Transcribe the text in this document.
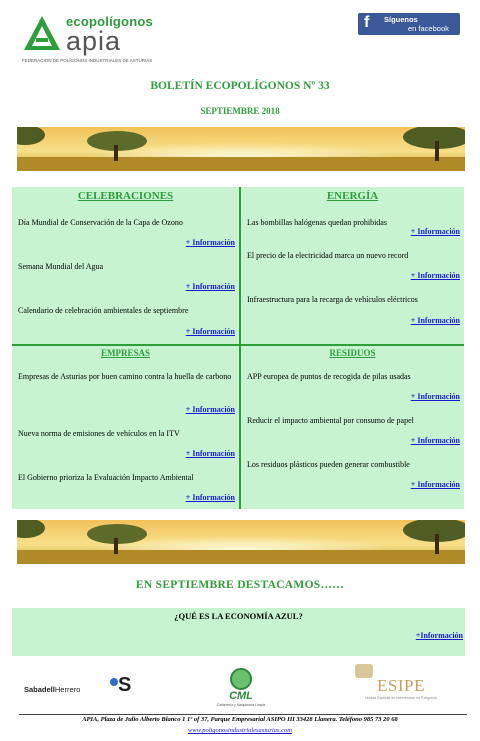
ecopolígonos
apia
FEDERACIÓN DE POLÍGONOS INDUSTRIALES DE ASTURIAS
f	Síguenos
en facebook
BOLETÍN ECOPOLÍGONOS Nº 33
SEPTIEMBRE 2018
CELEBRACIONES
Día Mundial de Conservación de la Capa de Ozono
+ Información
Semana Mundial del Agua
+ Información
Calendario de celebración ambientales de septiembre
+ Información
ENERGÍA
Las bombillas halógenas quedan prohibidas
+ Información
El precio de la electricidad marca un nuevo record
+ Información
Infraestructura para la recarga de vehículos eléctricos
+ Información
EMPRESAS
Empresas de Asturias por buen camino contra la huella de carbono
+ Información
Nueva norma de emisiones de vehículos en la ITV
+ Información
El Gobierno prioriza la Evaluación Impacto Ambiental
+ Información
RESIDUOS
APP europea de puntos de recogida de pilas usadas
+ Información
Reducir el impacto ambiental por consumo de papel
+ Información
Los residuos plásticos pueden generar combustible
+ Información
EN SEPTIEMBRE DESTACAMOS……
¿QUÉ ES LA ECONOMÍA AZUL?
+Información
SabadellHerrero S	CML
Calderería y Maquinaria Limpia
ESIPE
Unidad Especial de Intervención en Polígonos
APIA, Plaza de Julio Alberto Blanco 1 1º of 37, Parque Empresarial ASIPO III 33428 Llanera. Teléfono 985 73 20 68
www.poligonosindustrialesasturias.com
